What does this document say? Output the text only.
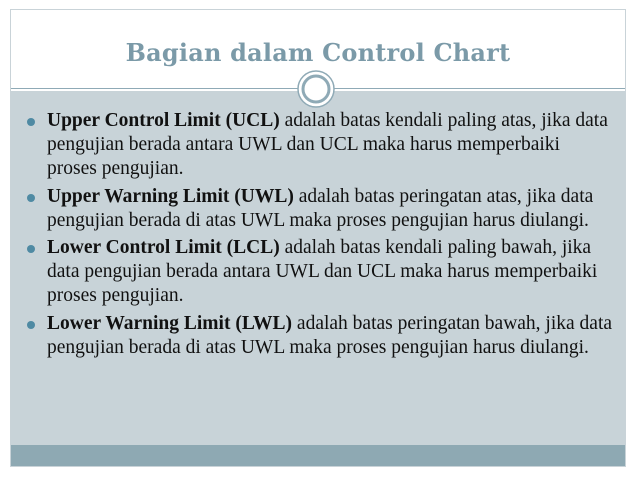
Bagian dalam Control Chart
Upper Control Limit (UCL) adalah batas kendali paling atas, jika data pengujian berada antara UWL dan UCL maka harus memperbaiki proses pengujian.
Upper Warning Limit (UWL) adalah batas peringatan atas, jika data pengujian berada di atas UWL maka proses pengujian harus diulangi.
Lower Control Limit (LCL) adalah batas kendali paling bawah, jika data pengujian berada antara UWL dan UCL maka harus memperbaiki proses pengujian.
Lower Warning Limit (LWL) adalah batas peringatan bawah, jika data pengujian berada di atas UWL maka proses pengujian harus diulangi.
